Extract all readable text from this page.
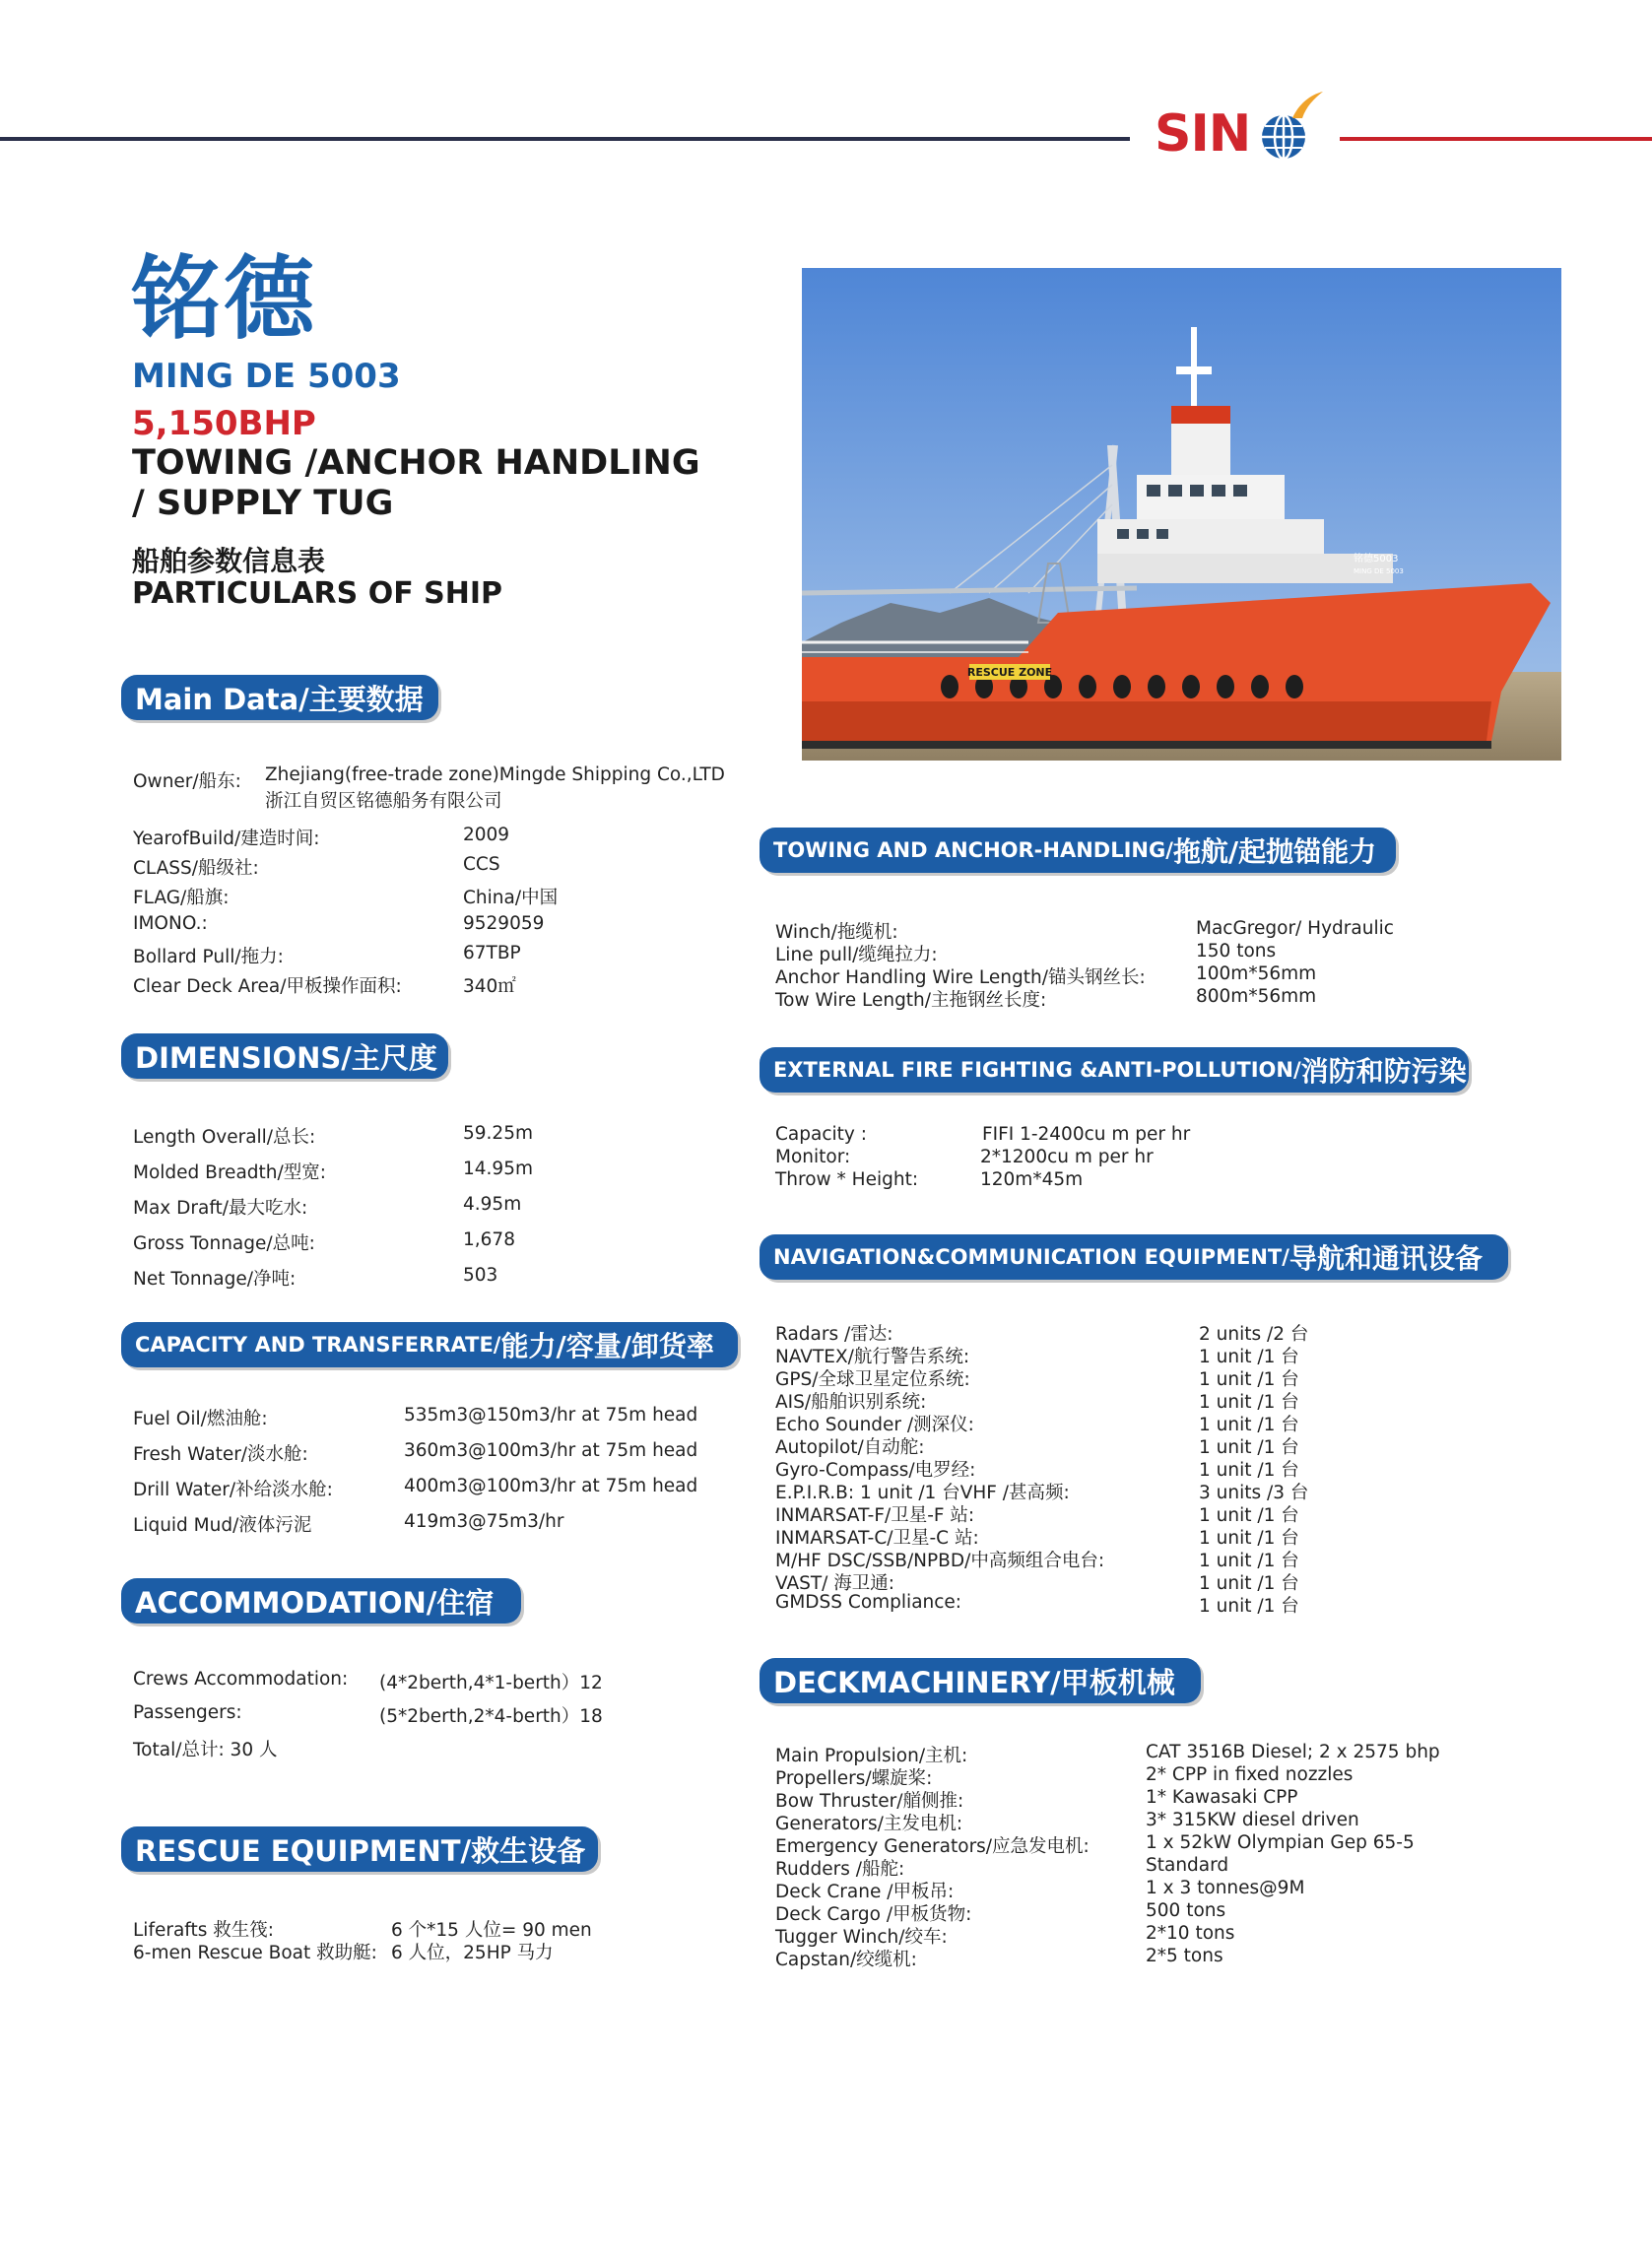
SIN
铭德
MING DE 5003
5,150BHP
TOWING /ANCHOR HANDLING
/ SUPPLY TUG
船舶参数信息表
PARTICULARS OF SHIP
RESCUE ZONE
铭德5003
MING DE 5003
Main Data/主要数据
Owner/船东: Zhejiang(free-trade zone)Mingde Shipping Co.,LTD
浙江自贸区铭德船务有限公司
YearofBuild/建造时间:	2009
CLASS/船级社:	CCS
FLAG/船旗:	China/中国
IMONO.:	9529059
Bollard Pull/拖力:	67TBP
Clear Deck Area/甲板操作面积:	340㎡
DIMENSIONS/主尺度
Length Overall/总长:	59.25m
Molded Breadth/型宽:	14.95m
Max Draft/最大吃水:	4.95m
Gross Tonnage/总吨:	1,678
Net Tonnage/净吨:	503
CAPACITY AND TRANSFERRATE/ 能力/容量/卸货率
Fuel Oil/燃油舱:	535m3@150m3/hr at 75m head
Fresh Water/淡水舱:	360m3@100m3/hr at 75m head
Drill Water/补给淡水舱:	400m3@100m3/hr at 75m head
Liquid Mud/液体污泥	419m3@75m3/hr
ACCOMMODATION/住宿
Crews Accommodation: (4*2berth,4*1-berth）12
Passengers:	(5*2berth,2*4-berth）18
Total/总计: 30 人
RESCUE EQUIPMENT/救生设备
Liferafts 救生筏:	6 个*15 人位= 90 men
6-men Rescue Boat 救助艇: 6 人位，25HP 马力
TOWING AND ANCHOR-HANDLING/ 拖航/起抛锚能力
Winch/拖缆机:	MacGregor/ Hydraulic
Line pull/缆绳拉力:	150 tons
Anchor Handling Wire Length/锚头钢丝长:	100m*56mm
Tow Wire Length/主拖钢丝长度:	800m*56mm
EXTERNAL FIRE FIGHTING &ANTI-POLLUTION/ 消防和防污染
Capacity :	FIFI 1-2400cu m per hr
Monitor:	2*1200cu m per hr
Throw * Height:	120m*45m
NAVIGATION&COMMUNICATION EQUIPMENT/ 导航和通讯设备
Radars /雷达:	2 units /2 台
NAVTEX/航行警告系统:	1 unit /1 台
GPS/全球卫星定位系统:	1 unit /1 台
AIS/船舶识别系统:	1 unit /1 台
Echo Sounder /测深仪:	1 unit /1 台
Autopilot/自动舵:	1 unit /1 台
Gyro-Compass/电罗经:	1 unit /1 台
E.P.I.R.B: 1 unit /1 台VHF /甚高频:	3 units /3 台
INMARSAT-F/卫星-F 站:	1 unit /1 台
INMARSAT-C/卫星-C 站:	1 unit /1 台
M/HF DSC/SSB/NPBD/中高频组合电台:	1 unit /1 台
VAST/ 海卫通:	1 unit /1 台
GMDSS Compliance:	1 unit /1 台
DECKMACHINERY/甲板机械
Main Propulsion/主机:	CAT 3516B Diesel; 2 x 2575 bhp
Propellers/螺旋桨:	2* CPP in fixed nozzles
Bow Thruster/艏侧推:	1* Kawasaki CPP
Generators/主发电机:	3* 315KW diesel driven
Emergency Generators/应急发电机:	1 x 52kW Olympian Gep 65-5
Rudders /船舵:	Standard
Deck Crane /甲板吊:	1 x 3 tonnes@9M
Deck Cargo /甲板货物:	500 tons
Tugger Winch/绞车:	2*10 tons
Capstan/绞缆机:	2*5 tons
